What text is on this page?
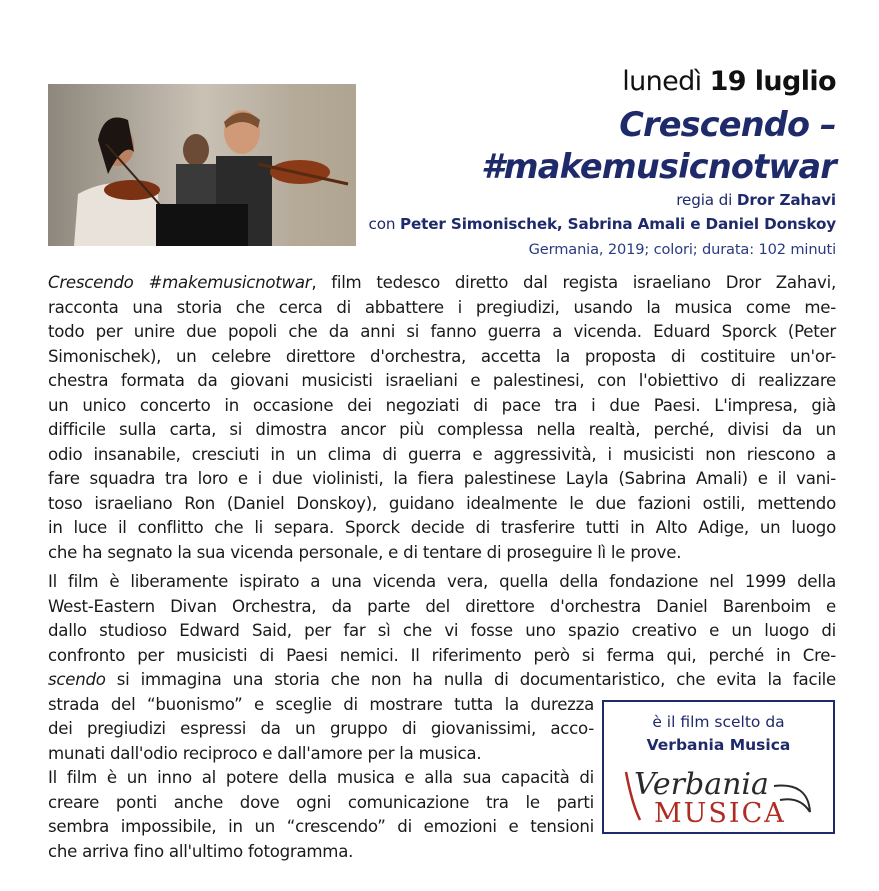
lunedì 19 luglio
Crescendo –
#makemusicnotwar
regia di Dror Zahavi
con Peter Simonischek, Sabrina Amali e Daniel Donskoy
Germania, 2019; colori; durata: 102 minuti
Crescendo #makemusicnotwar, film tedesco diretto dal regista israeliano Dror Zahavi,
racconta una storia che cerca di abbattere i pregiudizi, usando la musica come me-
todo per unire due popoli che da anni si fanno guerra a vicenda. Eduard Sporck (Peter
Simonischek), un celebre direttore d'orchestra, accetta la proposta di costituire un'or-
chestra formata da giovani musicisti israeliani e palestinesi, con l'obiettivo di realizzare
un unico concerto in occasione dei negoziati di pace tra i due Paesi. L'impresa, già
difficile sulla carta, si dimostra ancor più complessa nella realtà, perché, divisi da un
odio insanabile, cresciuti in un clima di guerra e aggressività, i musicisti non riescono a
fare squadra tra loro e i due violinisti, la fiera palestinese Layla (Sabrina Amali) e il vani-
toso israeliano Ron (Daniel Donskoy), guidano idealmente le due fazioni ostili, mettendo
in luce il conflitto che li separa. Sporck decide di trasferire tutti in Alto Adige, un luogo
che ha segnato la sua vicenda personale, e di tentare di proseguire lì le prove.
Il film è liberamente ispirato a una vicenda vera, quella della fondazione nel 1999 della
West-Eastern Divan Orchestra, da parte del direttore d'orchestra Daniel Barenboim e
dallo studioso Edward Said, per far sì che vi fosse uno spazio creativo e un luogo di
confronto per musicisti di Paesi nemici. Il riferimento però si ferma qui, perché in Cre-
scendo si immagina una storia che non ha nulla di documentaristico, che evita la facile
strada del “buonismo” e sceglie di mostrare tutta la durezza
dei pregiudizi espressi da un gruppo di giovanissimi, acco-
munati dall'odio reciproco e dall'amore per la musica.
Il film è un inno al potere della musica e alla sua capacità di
creare ponti anche dove ogni comunicazione tra le parti
sembra impossibile, in un “crescendo” di emozioni e tensioni
che arriva fino all'ultimo fotogramma.
è il film scelto da
Verbania Musica
Verbania
MUSICA
